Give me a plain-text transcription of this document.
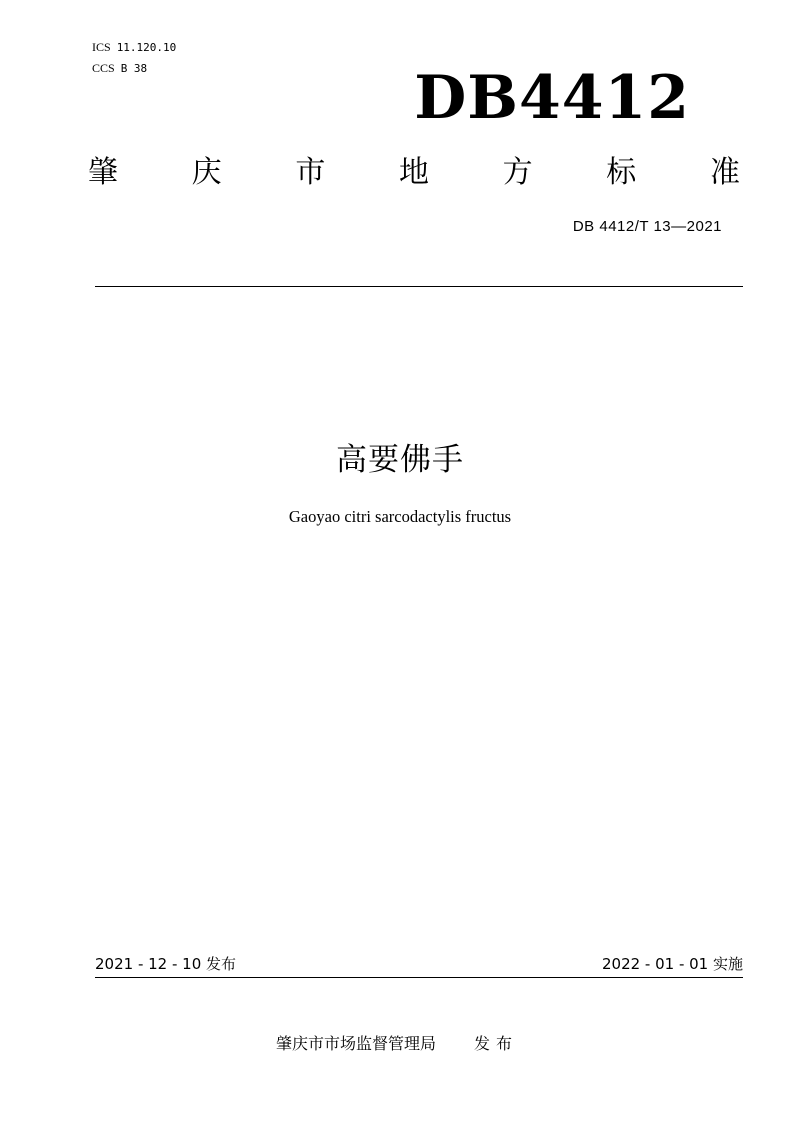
ICS 11.120.10
CCS B 38	DB4412
肇 庆 市 地 方 标 准
DB 4412/T 13—2021
高要佛手
Gaoyao citri sarcodactylis fructus
2021 - 12 - 10 发布	2022 - 01 - 01 实施
肇庆市市场监督管理局 发布
